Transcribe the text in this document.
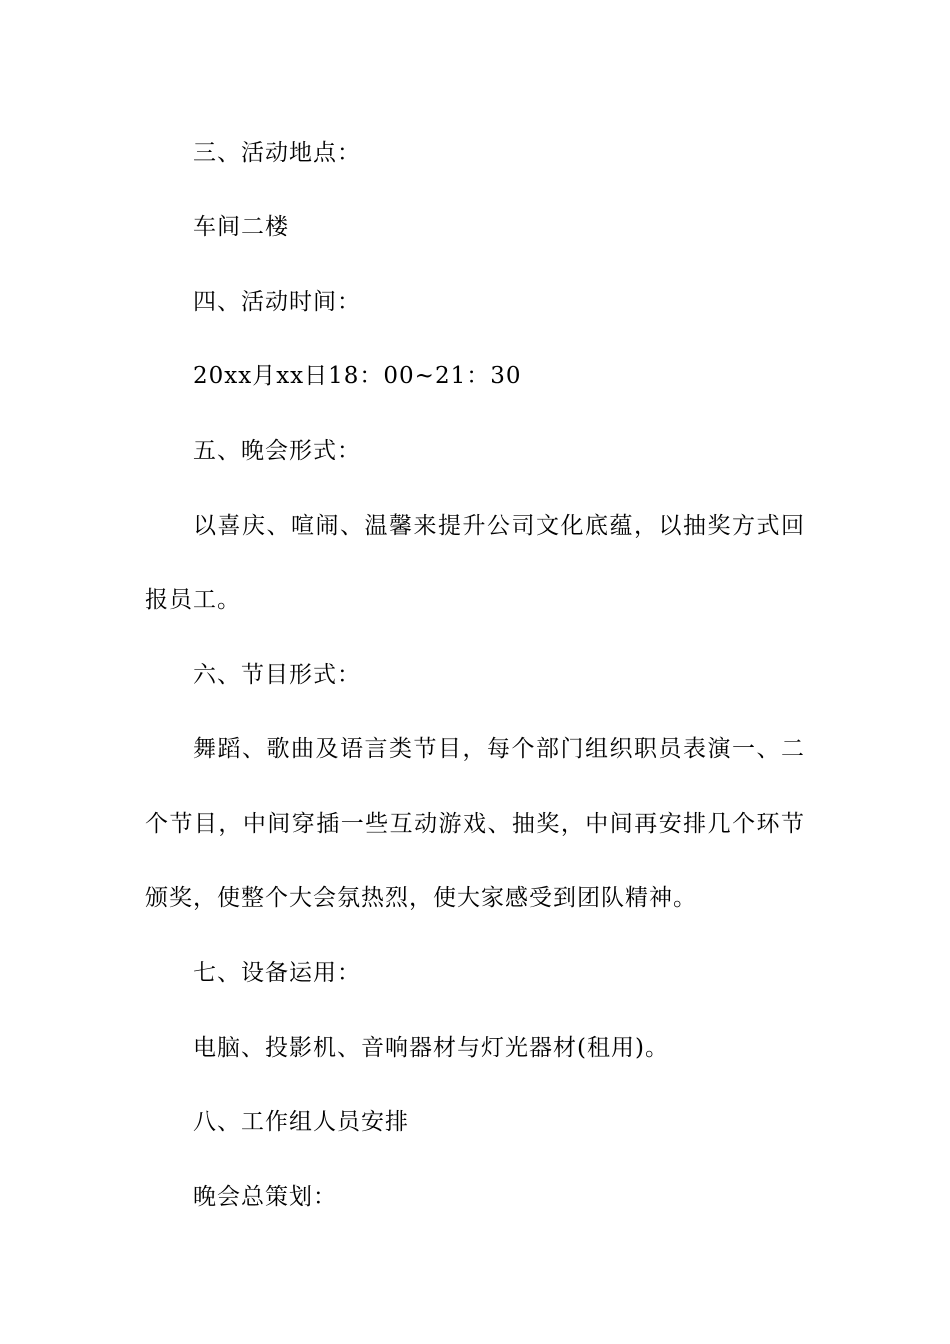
三、活动地点：
车间二楼
四、活动时间：
20xx月xx日18：00~21：30
五、晚会形式：
以喜庆、喧闹、温馨来提升公司文化底蕴，以抽奖方式回
报员工。
六、节目形式：
舞蹈、歌曲及语言类节目，每个部门组织职员表演一、二
个节目，中间穿插一些互动游戏、抽奖，中间再安排几个环节
颁奖，使整个大会氛热烈，使大家感受到团队精神。
七、设备运用：
电脑、投影机、音响器材与灯光器材(租用)。
八、工作组人员安排
晚会总策划：
